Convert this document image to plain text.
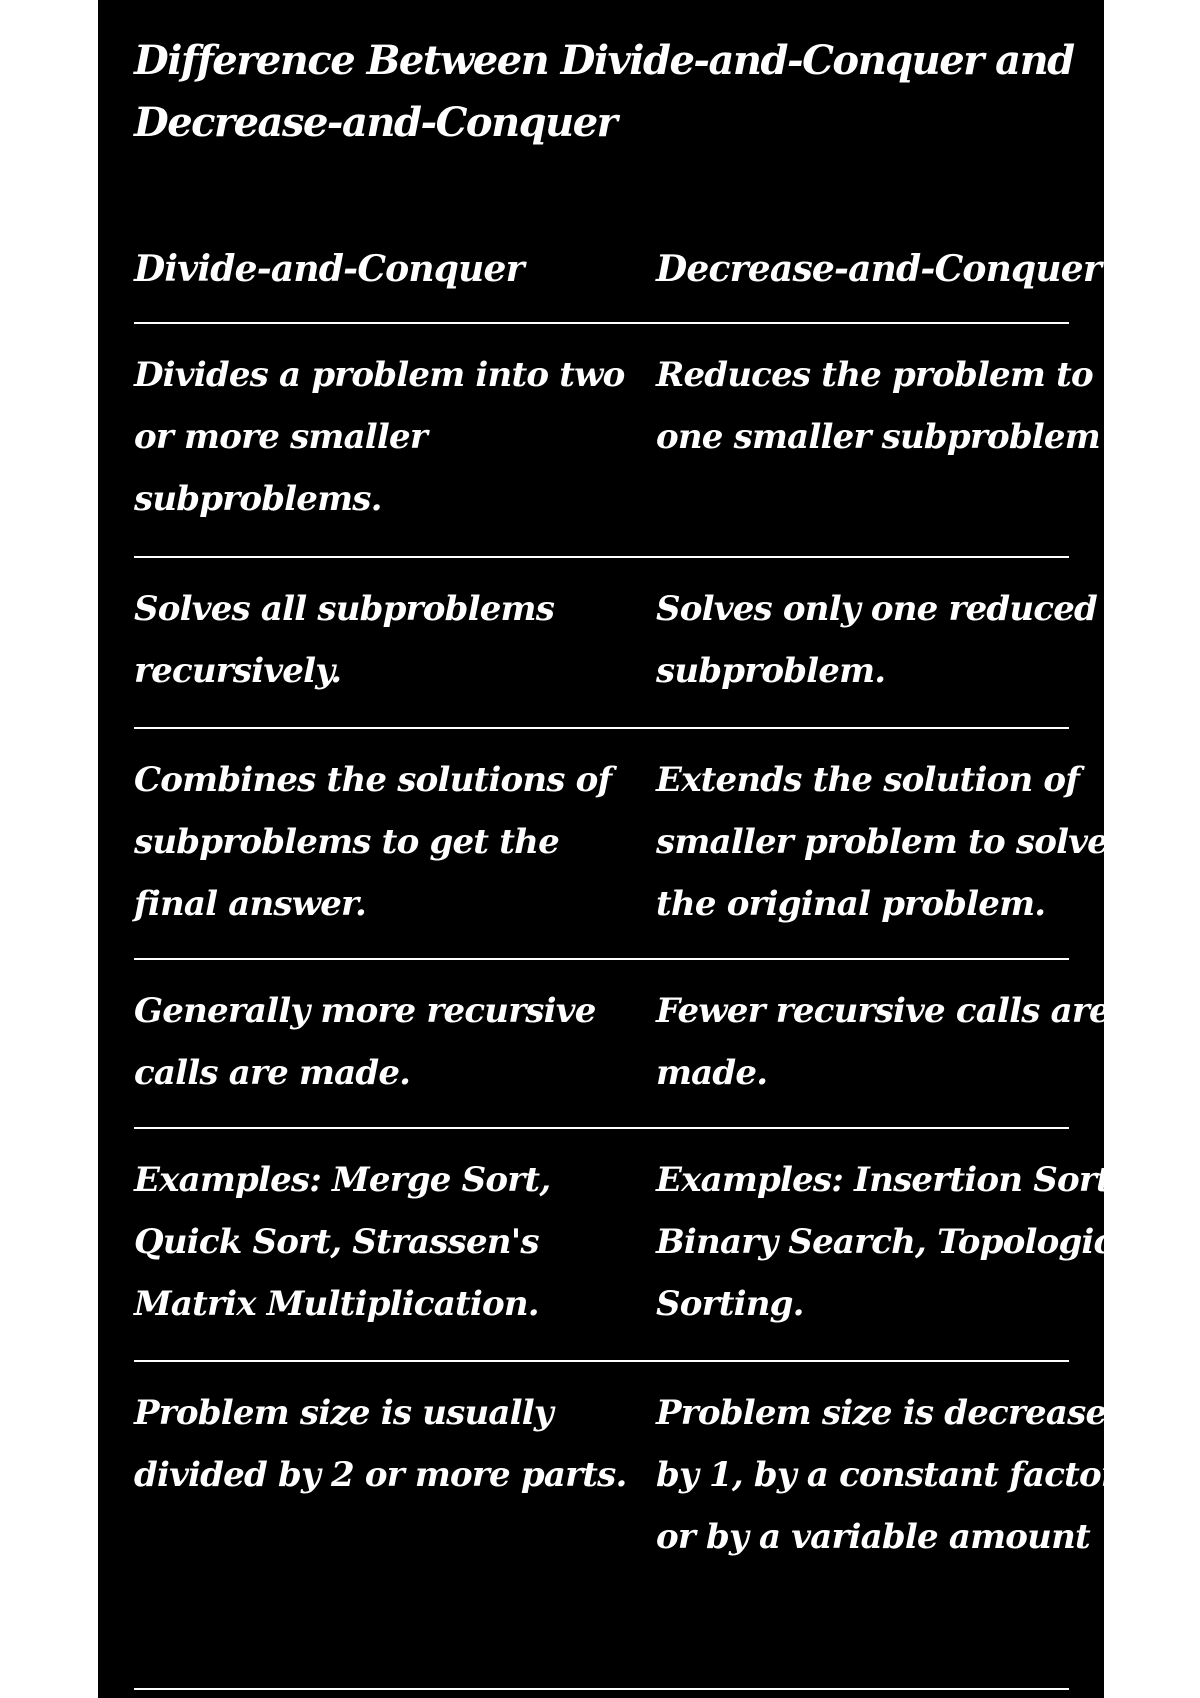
Difference Between Divide-and-Conquer and
Decrease-and-Conquer
Divide-and-Conquer	Decrease-and-Conquer
Divides a problem into two
or more smaller
subproblems.
Reduces the problem to
one smaller subproblem
Solves all subproblems
recursively.
Solves only one reduced
subproblem.
Combines the solutions of
subproblems to get the
final answer.
Extends the solution of
smaller problem to solve
the original problem.
Generally more recursive
calls are made.
Fewer recursive calls are
made.
Examples: Merge Sort,
Quick Sort, Strassen's
Matrix Multiplication.
Examples: Insertion Sort,
Binary Search, Topological
Sorting.
Problem size is usually
divided by 2 or more parts.
Problem size is decreased
by 1, by a constant factor,
or by a variable amount
